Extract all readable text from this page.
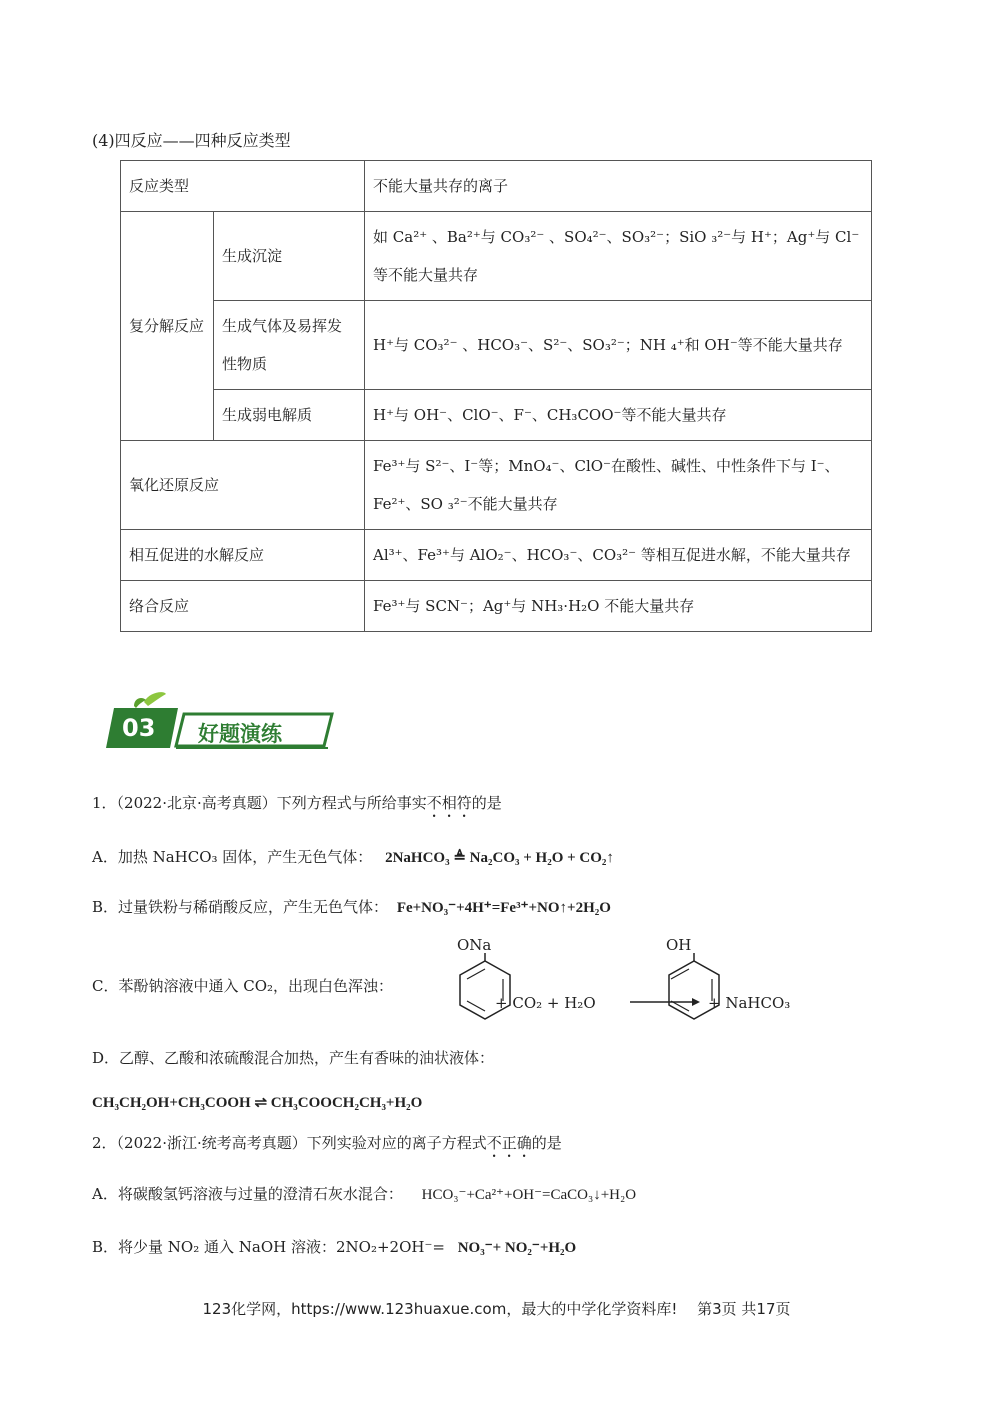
(4)四反应——四种反应类型
反应类型		不能大量共存的离子
复分解反应	生成沉淀	如 Ca²⁺ 、Ba²⁺与 CO₃²⁻ 、SO₄²⁻、SO₃²⁻；SiO ₃²⁻与 H⁺；Ag⁺与 Cl⁻等不能大量共存
	生成气体及易挥发性物质	H⁺与 CO₃²⁻ 、HCO₃⁻、S²⁻、SO₃²⁻；NH ₄⁺和 OH⁻等不能大量共存
	生成弱电解质	H⁺与 OH⁻、ClO⁻、F⁻、CH₃COO⁻等不能大量共存
氧化还原反应		Fe³⁺与 S²⁻、I⁻等；MnO₄⁻、ClO⁻在酸性、碱性、中性条件下与 I⁻、Fe²⁺、SO ₃²⁻不能大量共存
相互促进的水解反应		Al³⁺、Fe³⁺与 AlO₂⁻、HCO₃⁻、CO₃²⁻ 等相互促进水解，不能大量共存
络合反应		Fe³⁺与 SCN⁻；Ag⁺与 NH₃·H₂O 不能大量共存
03 好题演练
1．（2022·北京·高考真题）下列方程式与所给事实不相符的是
A．加热 NaHCO₃ 固体，产生无色气体： 2NaHCO₃ ≜ Na₂CO₃ + H₂O + CO₂↑
B．过量铁粉与稀硝酸反应，产生无色气体： Fe+NO₃⁻+4H⁺=Fe³⁺+NO↑+2H₂O
C．苯酚钠溶液中通入 CO₂，出现白色浑浊：
ONa
+ CO₂ + H₂O
OH
+ NaHCO₃
D．乙醇、乙酸和浓硫酸混合加热，产生有香味的油状液体：
CH₃CH₂OH+CH₃COOH ⇌ CH₃COOCH₂CH₃+H₂O
2．（2022·浙江·统考高考真题）下列实验对应的离子方程式不正确的是
A．将碳酸氢钙溶液与过量的澄清石灰水混合： HCO₃⁻+Ca²⁺+OH⁻=CaCO₃↓+H₂O
B．将少量 NO₂ 通入 NaOH 溶液：2NO₂+2OH⁻= NO₃⁻+ NO₂⁻+H₂O
123化学网，https://www.123huaxue.com，最大的中学化学资料库!　 第3页 共17页
